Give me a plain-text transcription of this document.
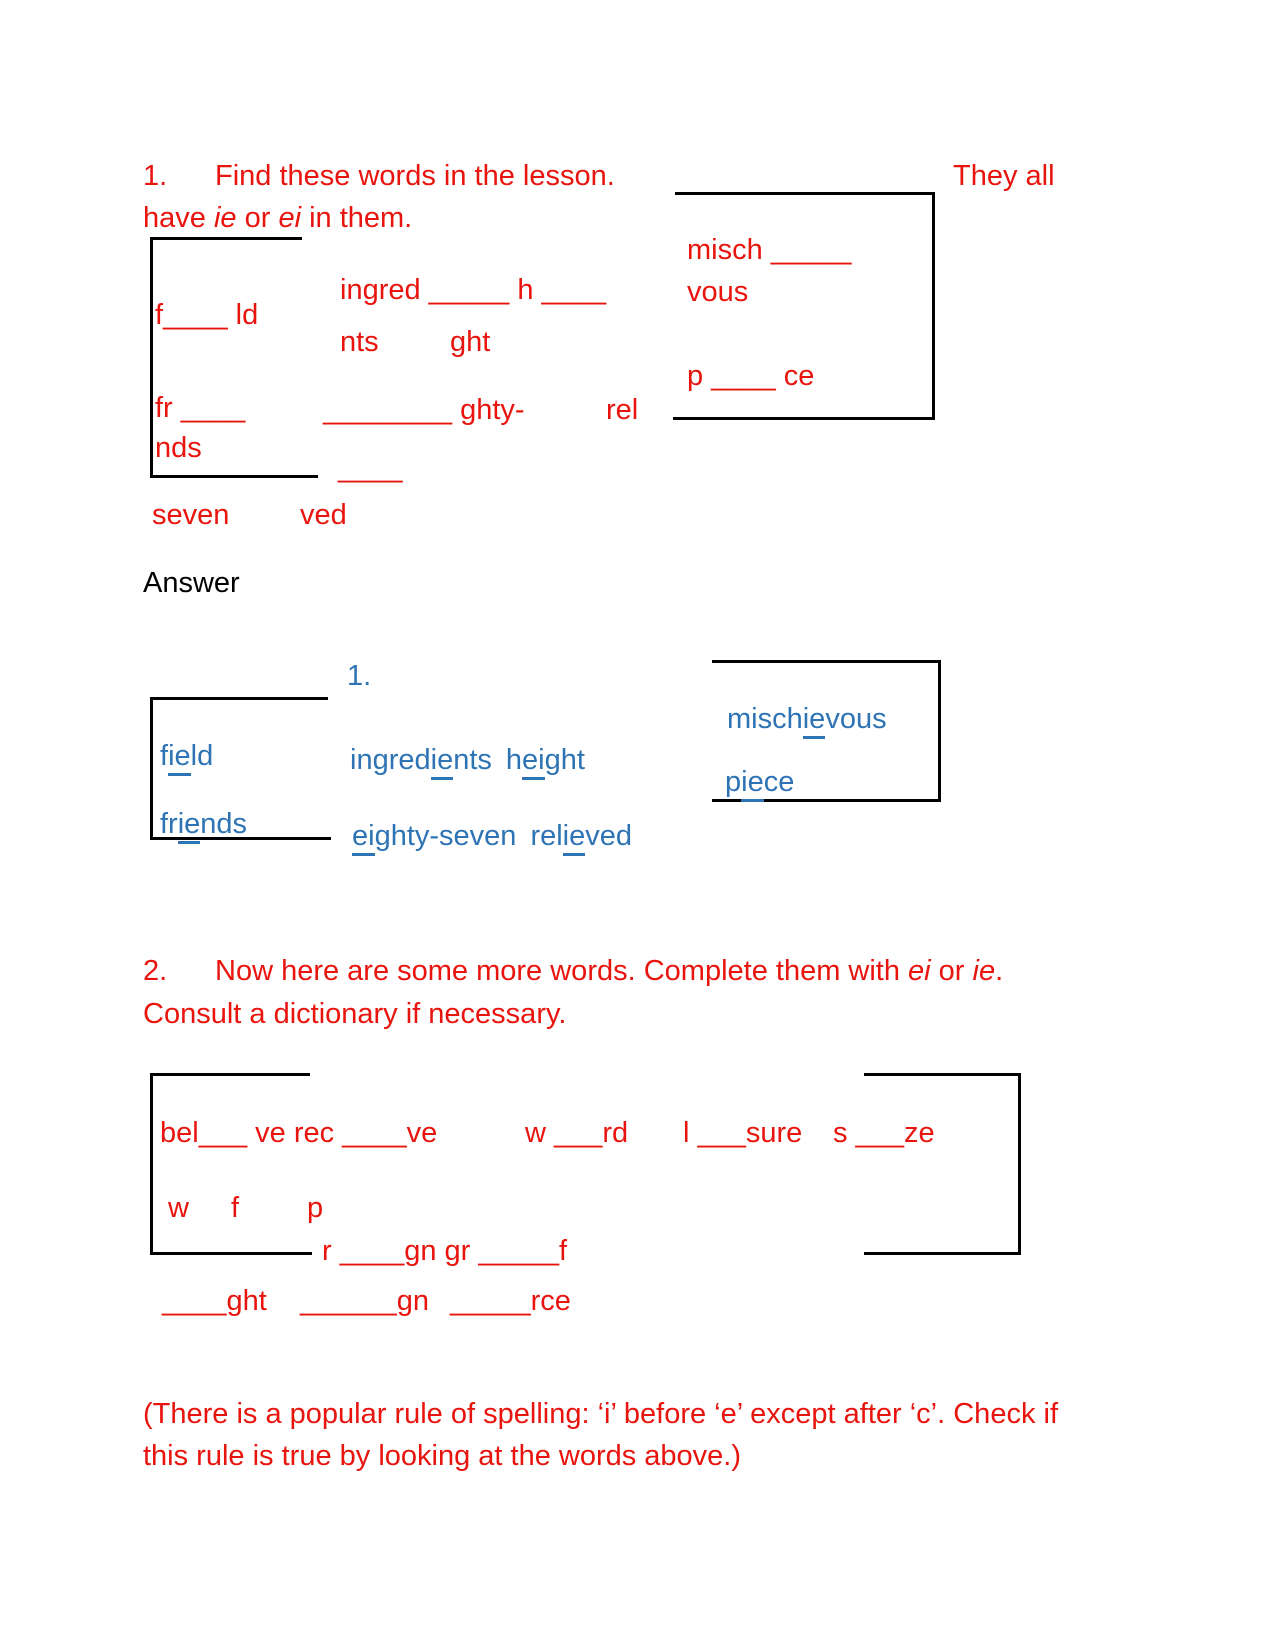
1. Find these words in the lesson.	They all
have ie or ei in them.
f____ ld
ingred _____ h ____
nts ght
fr ____
nds
________ ghty-	rel
____
seven ved
misch _____
vous
p ____ ce
Answer
1.
field	ingredients height
friends	eighty-seven relieved
mischievous
piece
2. Now here are some more words. Complete them with ei or ie.
Consult a dictionary if necessary.
bel___ ve rec ____ve	w ___rd l ___sure s ___ze
w f p
r ____gn gr _____f
____ght ______gn _____rce
(There is a popular rule of spelling: ‘i’ before ‘e’ except after ‘c’. Check if
this rule is true by looking at the words above.)
